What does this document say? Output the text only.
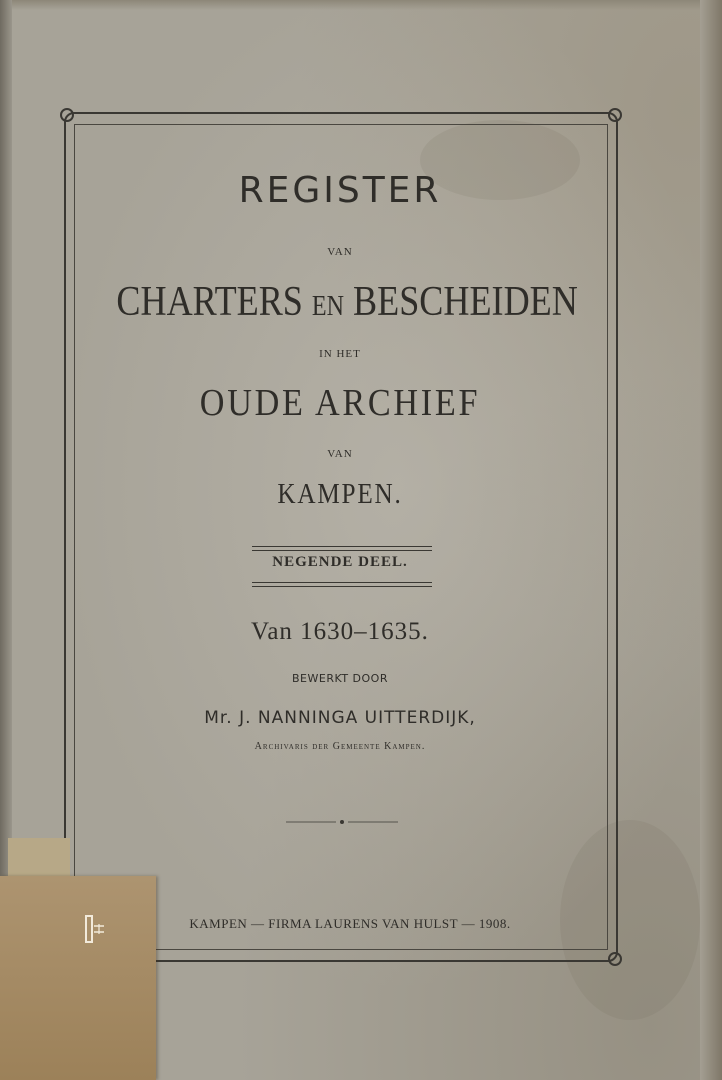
REGISTER
VAN
CHARTERS EN BESCHEIDEN
IN HET
OUDE ARCHIEF
VAN
KAMPEN.
NEGENDE DEEL.
Van 1630–1635.
BEWERKT DOOR
Mr. J. NANNINGA UITTERDIJK,
Archivaris der Gemeente Kampen.
KAMPEN — FIRMA LAURENS VAN HULST — 1908.
